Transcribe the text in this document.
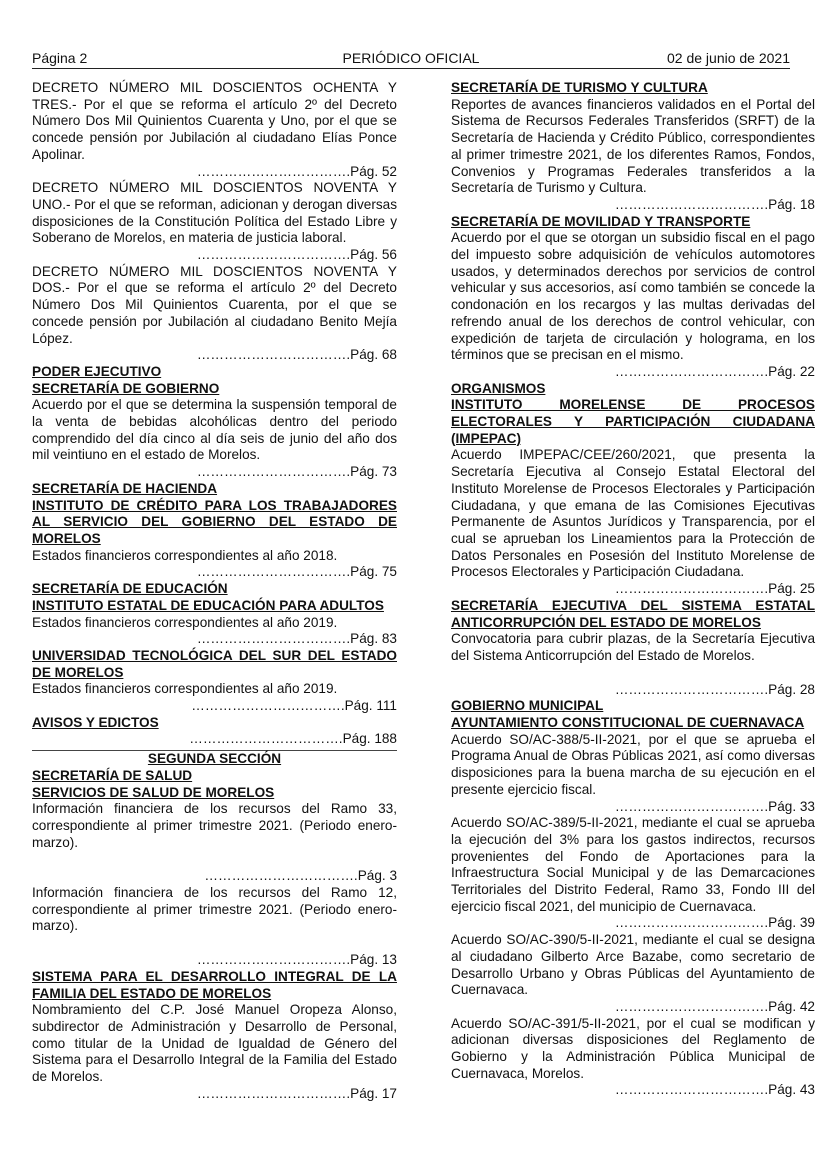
Página 2	PERIÓDICO OFICIAL	02 de junio de 2021

DECRETO NÚMERO MIL DOSCIENTOS OCHENTA Y TRES.- Por el que se reforma el artículo 2º del Decreto Número Dos Mil Quinientos Cuarenta y Uno, por el que se concede pensión por Jubilación al ciudadano Elías Ponce Apolinar.

…………………………….Pág. 52

DECRETO NÚMERO MIL DOSCIENTOS NOVENTA Y UNO.- Por el que se reforman, adicionan y derogan diversas disposiciones de la Constitución Política del Estado Libre y Soberano de Morelos, en materia de justicia laboral.

…………………………….Pág. 56

DECRETO NÚMERO MIL DOSCIENTOS NOVENTA Y DOS.- Por el que se reforma el artículo 2º del Decreto Número Dos Mil Quinientos Cuarenta, por el que se concede pensión por Jubilación al ciudadano Benito Mejía López.

…………………………….Pág. 68

PODER EJECUTIVO

SECRETARÍA DE GOBIERNO

Acuerdo por el que se determina la suspensión temporal de la venta de bebidas alcohólicas dentro del periodo comprendido del día cinco al día seis de junio del año dos mil veintiuno en el estado de Morelos.

…………………………….Pág. 73

SECRETARÍA DE HACIENDA

INSTITUTO DE CRÉDITO PARA LOS TRABAJADORES AL SERVICIO DEL GOBIERNO DEL ESTADO DE MORELOS

Estados financieros correspondientes al año 2018.

…………………………….Pág. 75

SECRETARÍA DE EDUCACIÓN

INSTITUTO ESTATAL DE EDUCACIÓN PARA ADULTOS

Estados financieros correspondientes al año 2019.

…………………………….Pág. 83

UNIVERSIDAD TECNOLÓGICA DEL SUR DEL ESTADO DE MORELOS

Estados financieros correspondientes al año 2019.

…………………………….Pág. 111

AVISOS Y EDICTOS

…………………………….Pág. 188

SEGUNDA SECCIÓN

SECRETARÍA DE SALUD

SERVICIOS DE SALUD DE MORELOS

Información financiera de los recursos del Ramo 33, correspondiente al primer trimestre 2021. (Periodo enero-marzo).

…………………………….Pág. 3

Información financiera de los recursos del Ramo 12, correspondiente al primer trimestre 2021. (Periodo enero-marzo).

…………………………….Pág. 13

SISTEMA PARA EL DESARROLLO INTEGRAL DE LA FAMILIA DEL ESTADO DE MORELOS

Nombramiento del C.P. José Manuel Oropeza Alonso, subdirector de Administración y Desarrollo de Personal, como titular de la Unidad de Igualdad de Género del Sistema para el Desarrollo Integral de la Familia del Estado de Morelos.

…………………………….Pág. 17

SECRETARÍA DE TURISMO Y CULTURA

Reportes de avances financieros validados en el Portal del Sistema de Recursos Federales Transferidos (SRFT) de la Secretaría de Hacienda y Crédito Público, correspondientes al primer trimestre 2021, de los diferentes Ramos, Fondos, Convenios y Programas Federales transferidos a la Secretaría de Turismo y Cultura.

…………………………….Pág. 18

SECRETARÍA DE MOVILIDAD Y TRANSPORTE

Acuerdo por el que se otorgan un subsidio fiscal en el pago del impuesto sobre adquisición de vehículos automotores usados, y determinados derechos por servicios de control vehicular y sus accesorios, así como también se concede la condonación en los recargos y las multas derivadas del refrendo anual de los derechos de control vehicular, con expedición de tarjeta de circulación y holograma, en los términos que se precisan en el mismo.

…………………………….Pág. 22

ORGANISMOS

INSTITUTO MORELENSE DE PROCESOS ELECTORALES Y PARTICIPACIÓN CIUDADANA (IMPEPAC)

Acuerdo IMPEPAC/CEE/260/2021, que presenta la Secretaría Ejecutiva al Consejo Estatal Electoral del Instituto Morelense de Procesos Electorales y Participación Ciudadana, y que emana de las Comisiones Ejecutivas Permanente de Asuntos Jurídicos y Transparencia, por el cual se aprueban los Lineamientos para la Protección de Datos Personales en Posesión del Instituto Morelense de Procesos Electorales y Participación Ciudadana.

…………………………….Pág. 25

SECRETARÍA EJECUTIVA DEL SISTEMA ESTATAL ANTICORRUPCIÓN DEL ESTADO DE MORELOS

Convocatoria para cubrir plazas, de la Secretaría Ejecutiva del Sistema Anticorrupción del Estado de Morelos.

…………………………….Pág. 28

GOBIERNO MUNICIPAL

AYUNTAMIENTO CONSTITUCIONAL DE CUERNAVACA

Acuerdo SO/AC-388/5-II-2021, por el que se aprueba el Programa Anual de Obras Públicas 2021, así como diversas disposiciones para la buena marcha de su ejecución en el presente ejercicio fiscal.

…………………………….Pág. 33

Acuerdo SO/AC-389/5-II-2021, mediante el cual se aprueba la ejecución del 3% para los gastos indirectos, recursos provenientes del Fondo de Aportaciones para la Infraestructura Social Municipal y de las Demarcaciones Territoriales del Distrito Federal, Ramo 33, Fondo III del ejercicio fiscal 2021, del municipio de Cuernavaca.

…………………………….Pág. 39

Acuerdo SO/AC-390/5-II-2021, mediante el cual se designa al ciudadano Gilberto Arce Bazabe, como secretario de Desarrollo Urbano y Obras Públicas del Ayuntamiento de Cuernavaca.

…………………………….Pág. 42

Acuerdo SO/AC-391/5-II-2021, por el cual se modifican y adicionan diversas disposiciones del Reglamento de Gobierno y la Administración Pública Municipal de Cuernavaca, Morelos.

…………………………….Pág. 43
